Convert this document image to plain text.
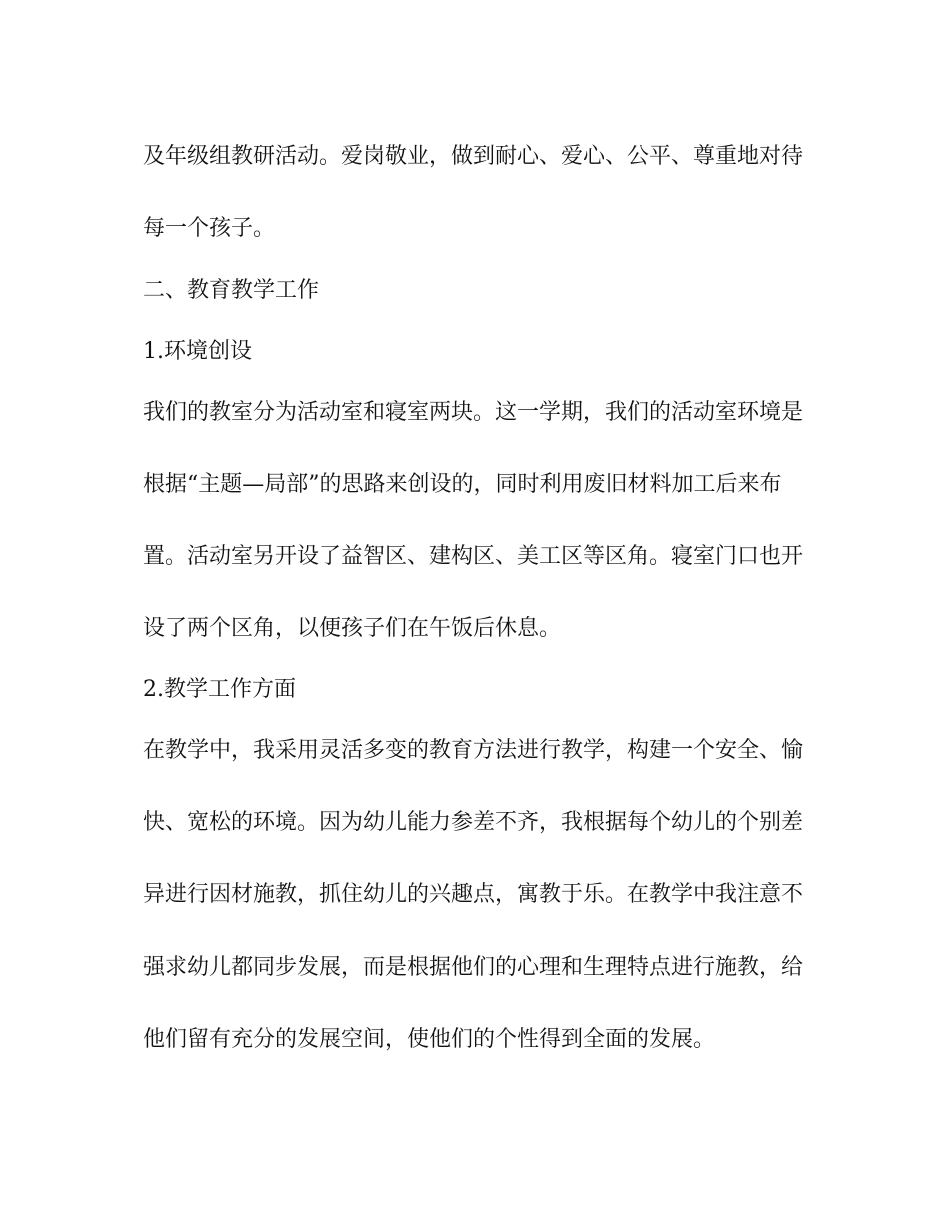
及年级组教研活动。爱岗敬业，做到耐心、爱心、公平、尊重地对待
每一个孩子。
二、教育教学工作
1.环境创设
我们的教室分为活动室和寝室两块。这一学期，我们的活动室环境是
根据“主题—局部”的思路来创设的，同时利用废旧材料加工后来布
置。活动室另开设了益智区、建构区、美工区等区角。寝室门口也开
设了两个区角，以便孩子们在午饭后休息。
2.教学工作方面
在教学中，我采用灵活多变的教育方法进行教学，构建一个安全、愉
快、宽松的环境。因为幼儿能力参差不齐，我根据每个幼儿的个别差
异进行因材施教，抓住幼儿的兴趣点，寓教于乐。在教学中我注意不
强求幼儿都同步发展，而是根据他们的心理和生理特点进行施教，给
他们留有充分的发展空间，使他们的个性得到全面的发展。
